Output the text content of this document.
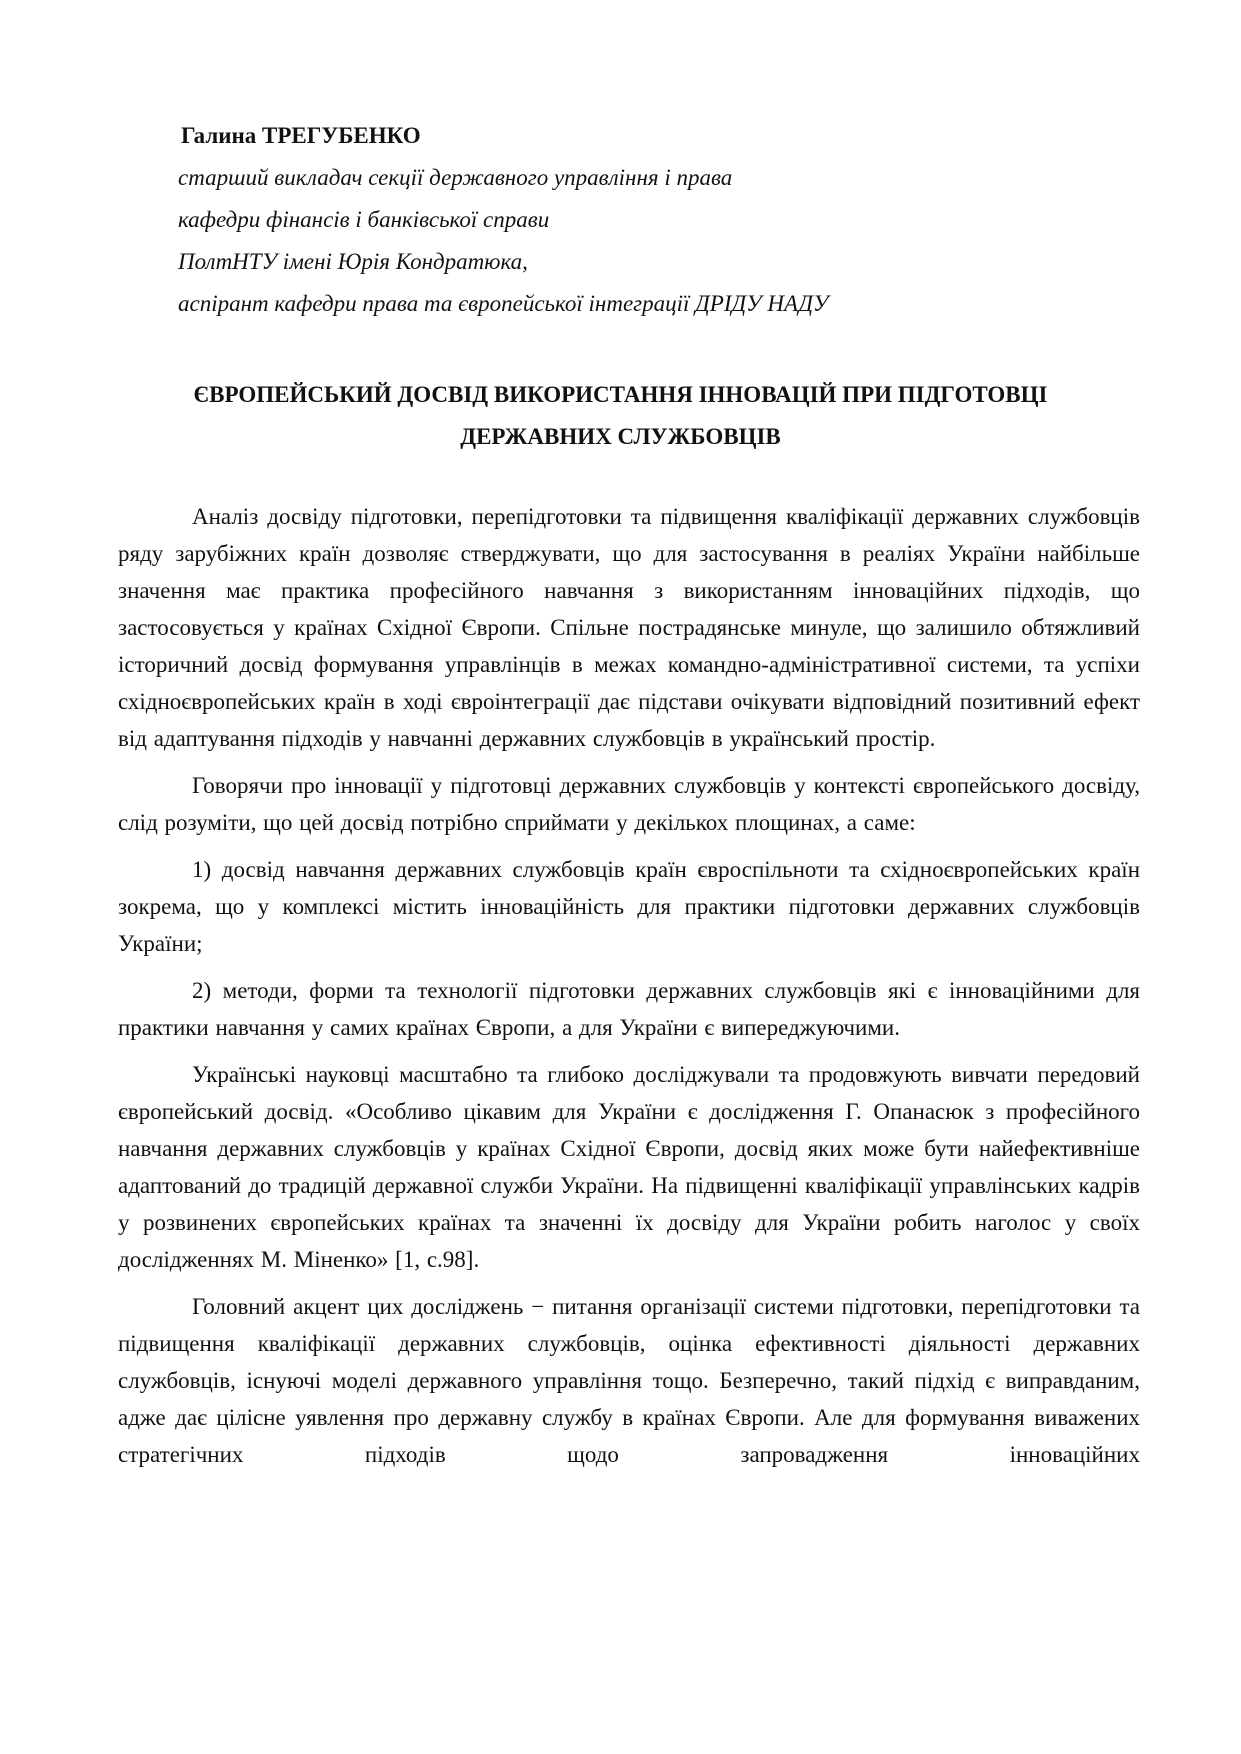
Галина ТРЕГУБЕНКО
старший викладач секції державного управління і права
кафедри фінансів і банківської справи
ПолтНТУ імені Юрія Кондратюка,
аспірант кафедри права та європейської інтеграції ДРІДУ НАДУ
ЄВРОПЕЙСЬКИЙ ДОСВІД ВИКОРИСТАННЯ ІННОВАЦІЙ ПРИ ПІДГОТОВЦІ
ДЕРЖАВНИХ СЛУЖБОВЦІВ

Аналіз досвіду підготовки, перепідготовки та підвищення кваліфікації державних службовців ряду зарубіжних країн дозволяє стверджувати, що для застосування в реаліях України найбільше значення має практика професійного навчання з використанням інноваційних підходів, що застосовується у країнах Східної Європи. Спільне пострадянське минуле, що залишило обтяжливий історичний досвід формування управлінців в межах командно-адміністративної системи, та успіхи східноєвропейських країн в ході євроінтеграції дає підстави очікувати відповідний позитивний ефект від адаптування підходів у навчанні державних службовців в український простір.

Говорячи про інновації у підготовці державних службовців у контексті європейського досвіду, слід розуміти, що цей досвід потрібно сприймати у декількох площинах, а саме:

1) досвід навчання державних службовців країн євроспільноти та східноєвропейських країн зокрема, що у комплексі містить інноваційність для практики підготовки державних службовців України;

2) методи, форми та технології підготовки державних службовців які є інноваційними для практики навчання у самих країнах Європи, а для України є випереджуючими.

Українські науковці масштабно та глибоко досліджували та продовжують вивчати передовий європейський досвід. «Особливо цікавим для України є дослідження Г. Опанасюк з професійного навчання державних службовців у країнах Східної Європи, досвід яких може бути найефективніше адаптований до традицій державної служби України. На підвищенні кваліфікації управлінських кадрів у розвинених європейських країнах та значенні їх досвіду для України робить наголос у своїх дослідженнях М. Міненко» [1, с.98].

Головний акцент цих досліджень − питання організації системи підготовки, перепідготовки та підвищення кваліфікації державних службовців, оцінка ефективності діяльності державних службовців, існуючі моделі державного управління тощо. Безперечно, такий підхід є виправданим, адже дає цілісне уявлення про державну службу в країнах Європи. Але для формування виважених стратегічних підходів щодо запровадження інноваційних
